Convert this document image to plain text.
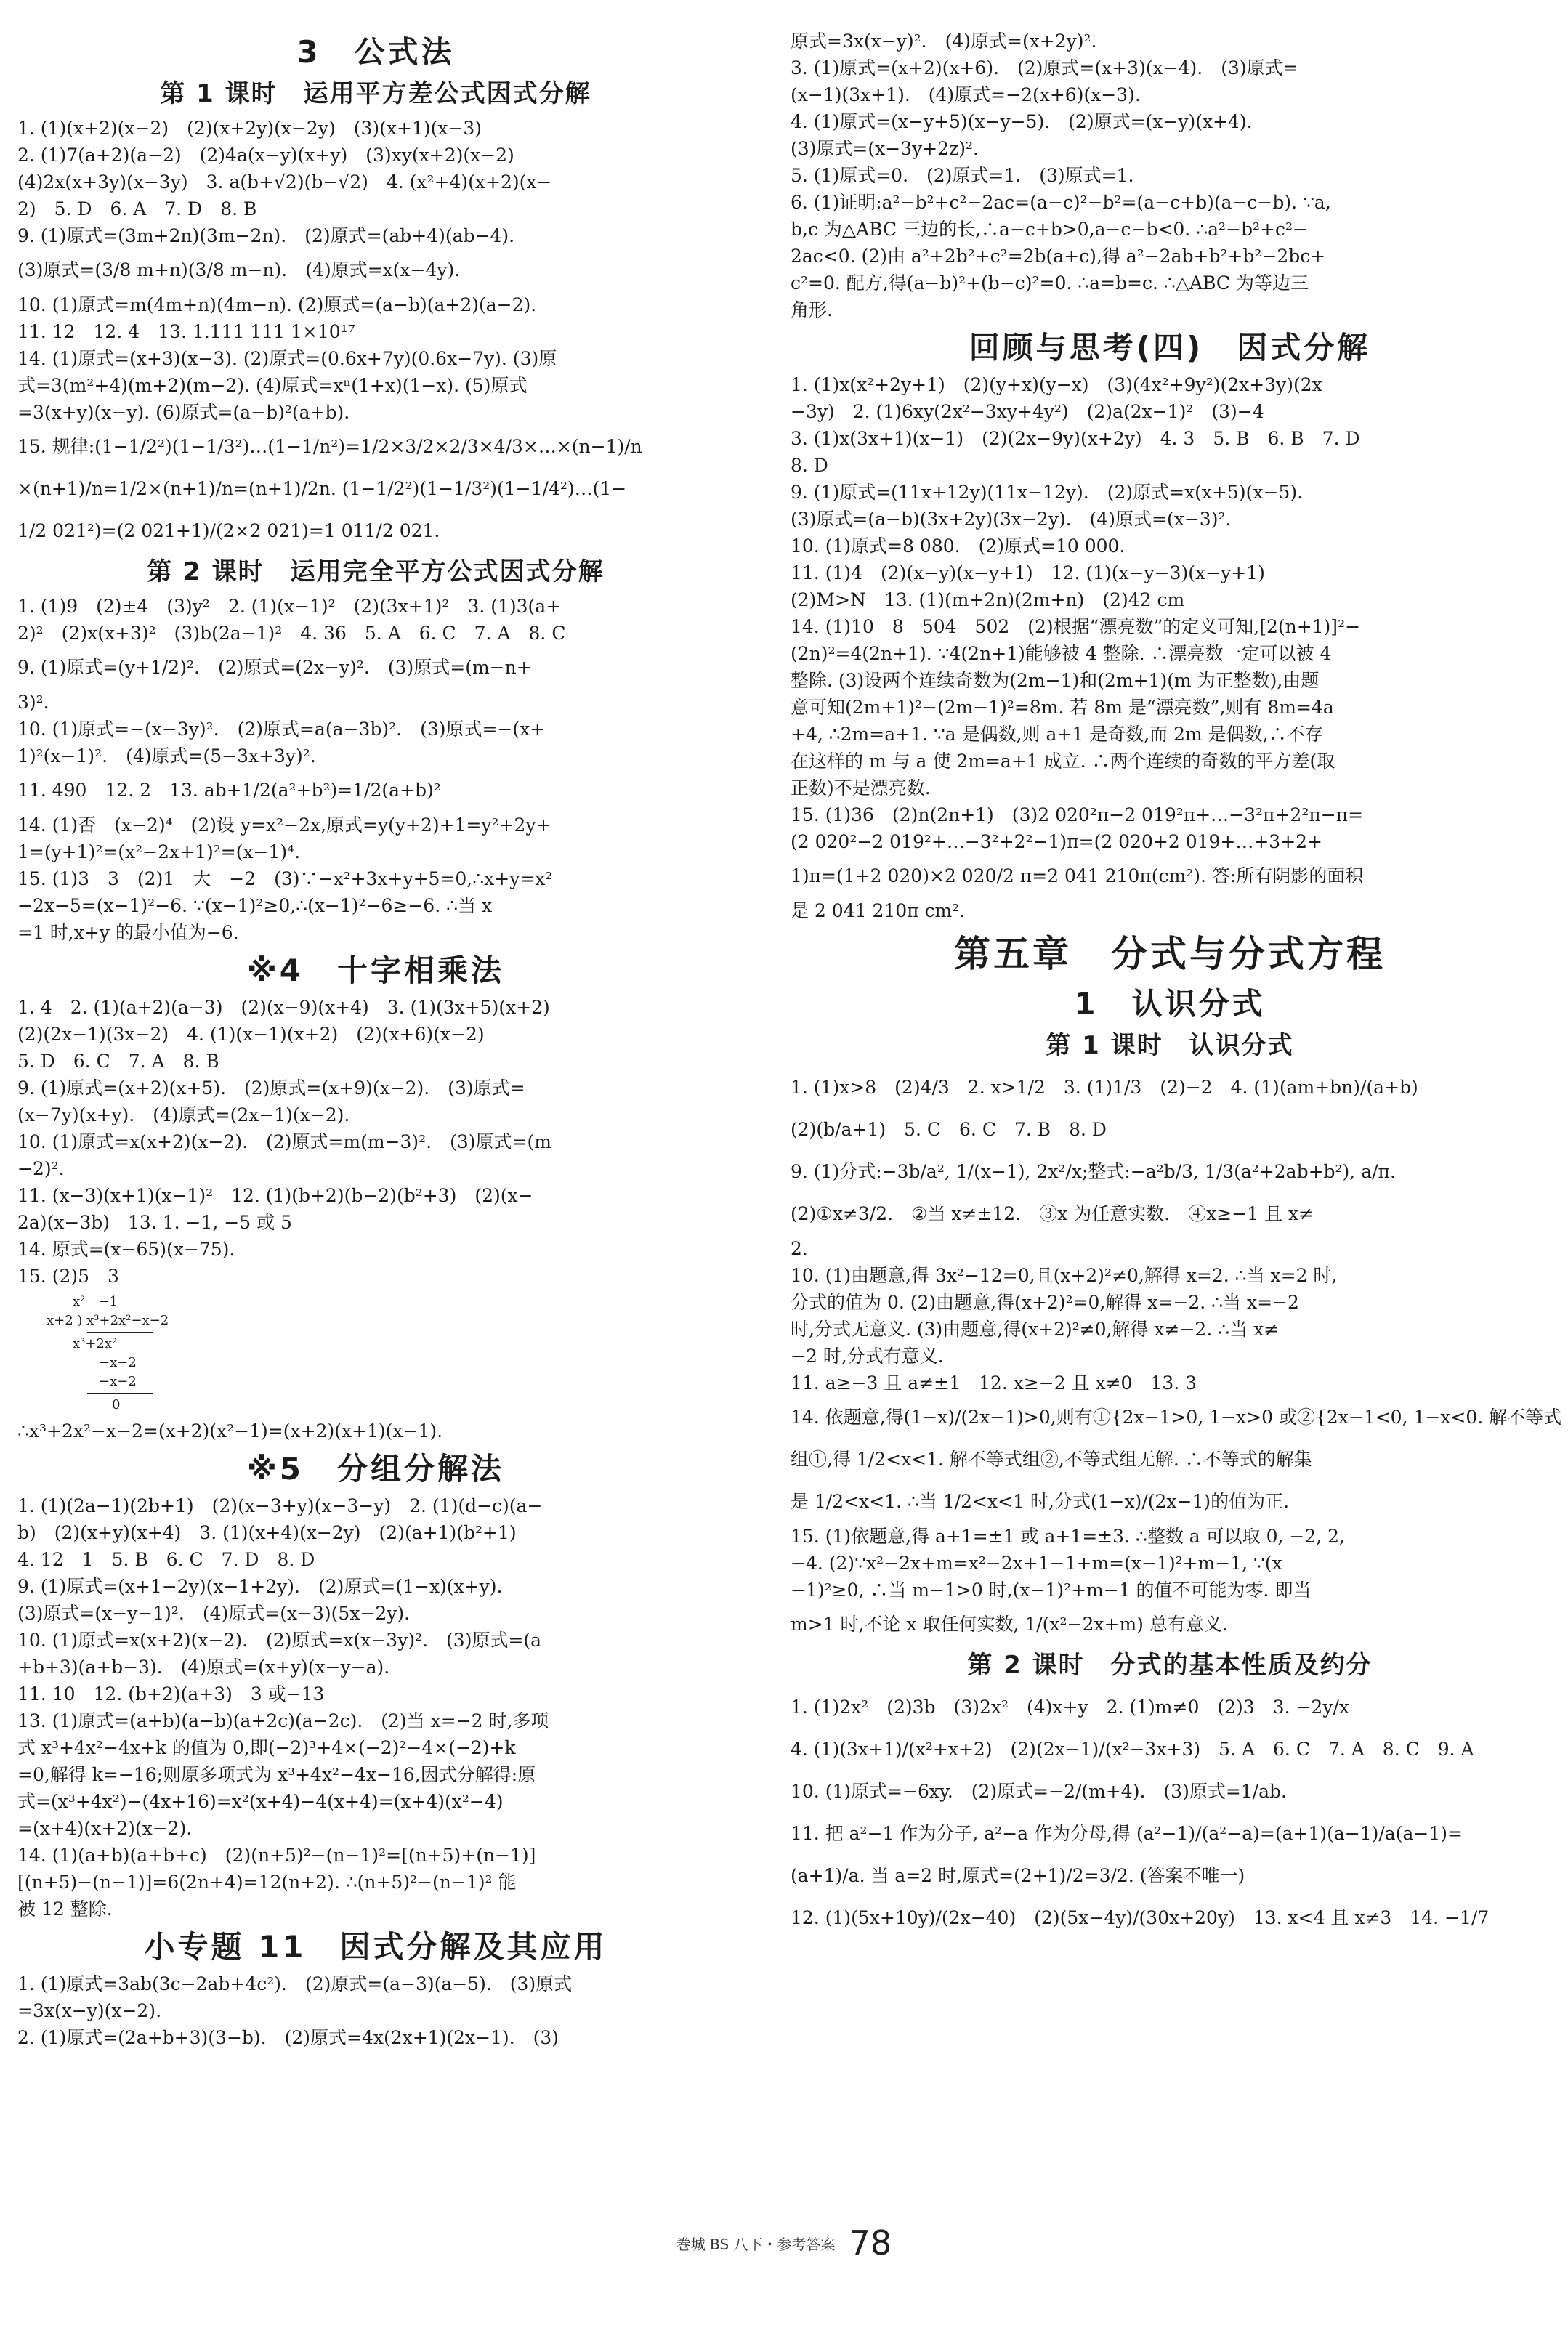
3　公式法
第 1 课时　运用平方差公式因式分解
1. (1)(x+2)(x−2)　(2)(x+2y)(x−2y)　(3)(x+1)(x−3)
2. (1)7(a+2)(a−2)　(2)4a(x−y)(x+y)　(3)xy(x+2)(x−2)
(4)2x(x+3y)(x−3y)　3. a(b+√2)(b−√2)　4. (x²+4)(x+2)(x−
2)　5. D　6. A　7. D　8. B
9. (1)原式=(3m+2n)(3m−2n).　(2)原式=(ab+4)(ab−4).
(3)原式=(3/8 m+n)(3/8 m−n).　(4)原式=x(x−4y).
10. (1)原式=m(4m+n)(4m−n). (2)原式=(a−b)(a+2)(a−2).
11. 12　12. 4　13. 1.111 111 1×10¹⁷
14. (1)原式=(x+3)(x−3). (2)原式=(0.6x+7y)(0.6x−7y). (3)原
式=3(m²+4)(m+2)(m−2). (4)原式=xⁿ(1+x)(1−x). (5)原式
=3(x+y)(x−y). (6)原式=(a−b)²(a+b).
15. 规律:(1−1/2²)(1−1/3²)…(1−1/n²)=1/2×3/2×2/3×4/3×…×(n−1)/n
×(n+1)/n=1/2×(n+1)/n=(n+1)/2n. (1−1/2²)(1−1/3²)(1−1/4²)…(1−
1/2 021²)=(2 021+1)/(2×2 021)=1 011/2 021.
第 2 课时　运用完全平方公式因式分解
1. (1)9　(2)±4　(3)y²　2. (1)(x−1)²　(2)(3x+1)²　3. (1)3(a+
2)²　(2)x(x+3)²　(3)b(2a−1)²　4. 36　5. A　6. C　7. A　8. C
9. (1)原式=(y+1/2)².　(2)原式=(2x−y)².　(3)原式=(m−n+
3)².
10. (1)原式=−(x−3y)².　(2)原式=a(a−3b)².　(3)原式=−(x+
1)²(x−1)².　(4)原式=(5−3x+3y)².
11. 490　12. 2　13. ab+1/2(a²+b²)=1/2(a+b)²
14. (1)否　(x−2)⁴　(2)设 y=x²−2x,原式=y(y+2)+1=y²+2y+
1=(y+1)²=(x²−2x+1)²=(x−1)⁴.
15. (1)3　3　(2)1　大　−2　(3)∵−x²+3x+y+5=0,∴x+y=x²
−2x−5=(x−1)²−6. ∵(x−1)²≥0,∴(x−1)²−6≥−6. ∴当 x
=1 时,x+y 的最小值为−6.
※4　十字相乘法
1. 4　2. (1)(a+2)(a−3)　(2)(x−9)(x+4)　3. (1)(3x+5)(x+2)
(2)(2x−1)(3x−2)　4. (1)(x−1)(x+2)　(2)(x+6)(x−2)
5. D　6. C　7. A　8. B
9. (1)原式=(x+2)(x+5).　(2)原式=(x+9)(x−2).　(3)原式=
(x−7y)(x+y).　(4)原式=(2x−1)(x−2).
10. (1)原式=x(x+2)(x−2).　(2)原式=m(m−3)².　(3)原式=(m
−2)².
11. (x−3)(x+1)(x−1)²　12. (1)(b+2)(b−2)(b²+3)　(2)(x−
2a)(x−3b)　13. 1. −1, −5 或 5
14. 原式=(x−65)(x−75).
15. (2)5　3
　　x²　−1
x+2 ) x³+2x²−x−2
　　x³+2x²
　　　　−x−2
　　　　−x−2
　　　　　0
∴x³+2x²−x−2=(x+2)(x²−1)=(x+2)(x+1)(x−1).
※5　分组分解法
1. (1)(2a−1)(2b+1)　(2)(x−3+y)(x−3−y)　2. (1)(d−c)(a−
b)　(2)(x+y)(x+4)　3. (1)(x+4)(x−2y)　(2)(a+1)(b²+1)
4. 12　1　5. B　6. C　7. D　8. D
9. (1)原式=(x+1−2y)(x−1+2y).　(2)原式=(1−x)(x+y).
(3)原式=(x−y−1)².　(4)原式=(x−3)(5x−2y).
10. (1)原式=x(x+2)(x−2).　(2)原式=x(x−3y)².　(3)原式=(a
+b+3)(a+b−3).　(4)原式=(x+y)(x−y−a).
11. 10　12. (b+2)(a+3)　3 或−13
13. (1)原式=(a+b)(a−b)(a+2c)(a−2c).　(2)当 x=−2 时,多项
式 x³+4x²−4x+k 的值为 0,即(−2)³+4×(−2)²−4×(−2)+k
=0,解得 k=−16;则原多项式为 x³+4x²−4x−16,因式分解得:原
式=(x³+4x²)−(4x+16)=x²(x+4)−4(x+4)=(x+4)(x²−4)
=(x+4)(x+2)(x−2).
14. (1)(a+b)(a+b+c)　(2)(n+5)²−(n−1)²=[(n+5)+(n−1)]
[(n+5)−(n−1)]=6(2n+4)=12(n+2). ∴(n+5)²−(n−1)² 能
被 12 整除.
小专题 11　因式分解及其应用
1. (1)原式=3ab(3c−2ab+4c²).　(2)原式=(a−3)(a−5).　(3)原式
=3x(x−y)(x−2).
2. (1)原式=(2a+b+3)(3−b).　(2)原式=4x(2x+1)(2x−1).　(3)
原式=3x(x−y)².　(4)原式=(x+2y)².
3. (1)原式=(x+2)(x+6).　(2)原式=(x+3)(x−4).　(3)原式=
(x−1)(3x+1).　(4)原式=−2(x+6)(x−3).
4. (1)原式=(x−y+5)(x−y−5).　(2)原式=(x−y)(x+4).
(3)原式=(x−3y+2z)².
5. (1)原式=0.　(2)原式=1.　(3)原式=1.
6. (1)证明:a²−b²+c²−2ac=(a−c)²−b²=(a−c+b)(a−c−b). ∵a,
b,c 为△ABC 三边的长,∴a−c+b>0,a−c−b<0. ∴a²−b²+c²−
2ac<0. (2)由 a²+2b²+c²=2b(a+c),得 a²−2ab+b²+b²−2bc+
c²=0. 配方,得(a−b)²+(b−c)²=0. ∴a=b=c. ∴△ABC 为等边三
角形.
回顾与思考(四)　因式分解
1. (1)x(x²+2y+1)　(2)(y+x)(y−x)　(3)(4x²+9y²)(2x+3y)(2x
−3y)　2. (1)6xy(2x²−3xy+4y²)　(2)a(2x−1)²　(3)−4
3. (1)x(3x+1)(x−1)　(2)(2x−9y)(x+2y)　4. 3　5. B　6. B　7. D
8. D
9. (1)原式=(11x+12y)(11x−12y).　(2)原式=x(x+5)(x−5).
(3)原式=(a−b)(3x+2y)(3x−2y).　(4)原式=(x−3)².
10. (1)原式=8 080.　(2)原式=10 000.
11. (1)4　(2)(x−y)(x−y+1)　12. (1)(x−y−3)(x−y+1)
(2)M>N　13. (1)(m+2n)(2m+n)　(2)42 cm
14. (1)10　8　504　502　(2)根据“漂亮数”的定义可知,[2(n+1)]²−
(2n)²=4(2n+1). ∵4(2n+1)能够被 4 整除. ∴漂亮数一定可以被 4
整除. (3)设两个连续奇数为(2m−1)和(2m+1)(m 为正整数),由题
意可知(2m+1)²−(2m−1)²=8m. 若 8m 是“漂亮数”,则有 8m=4a
+4, ∴2m=a+1. ∵a 是偶数,则 a+1 是奇数,而 2m 是偶数,∴不存
在这样的 m 与 a 使 2m=a+1 成立. ∴两个连续的奇数的平方差(取
正数)不是漂亮数.
15. (1)36　(2)n(2n+1)　(3)2 020²π−2 019²π+…−3²π+2²π−π=
(2 020²−2 019²+…−3²+2²−1)π=(2 020+2 019+…+3+2+
1)π=(1+2 020)×2 020/2 π=2 041 210π(cm²). 答:所有阴影的面积
是 2 041 210π cm².
第五章　分式与分式方程
1　认识分式
第 1 课时　认识分式
1. (1)x>8　(2)4/3　2. x>1/2　3. (1)1/3　(2)−2　4. (1)(am+bn)/(a+b)
(2)(b/a+1)　5. C　6. C　7. B　8. D
9. (1)分式:−3b/a², 1/(x−1), 2x²/x;整式:−a²b/3, 1/3(a²+2ab+b²), a/π.
(2)①x≠3/2.　②当 x≠±12.　③x 为任意实数.　④x≥−1 且 x≠
2.
10. (1)由题意,得 3x²−12=0,且(x+2)²≠0,解得 x=2. ∴当 x=2 时,
分式的值为 0. (2)由题意,得(x+2)²=0,解得 x=−2. ∴当 x=−2
时,分式无意义. (3)由题意,得(x+2)²≠0,解得 x≠−2. ∴当 x≠
−2 时,分式有意义.
11. a≥−3 且 a≠±1　12. x≥−2 且 x≠0　13. 3
14. 依题意,得(1−x)/(2x−1)>0,则有①{2x−1>0, 1−x>0 或②{2x−1<0, 1−x<0. 解不等式
组①,得 1/2<x<1. 解不等式组②,不等式组无解. ∴不等式的解集
是 1/2<x<1. ∴当 1/2<x<1 时,分式(1−x)/(2x−1)的值为正.
15. (1)依题意,得 a+1=±1 或 a+1=±3. ∴整数 a 可以取 0, −2, 2,
−4. (2)∵x²−2x+m=x²−2x+1−1+m=(x−1)²+m−1, ∵(x
−1)²≥0, ∴当 m−1>0 时,(x−1)²+m−1 的值不可能为零. 即当
m>1 时,不论 x 取任何实数, 1/(x²−2x+m) 总有意义.
第 2 课时　分式的基本性质及约分
1. (1)2x²　(2)3b　(3)2x²　(4)x+y　2. (1)m≠0　(2)3　3. −2y/x
4. (1)(3x+1)/(x²+x+2)　(2)(2x−1)/(x²−3x+3)　5. A　6. C　7. A　8. C　9. A
10. (1)原式=−6xy.　(2)原式=−2/(m+4).　(3)原式=1/ab.
11. 把 a²−1 作为分子, a²−a 作为分母,得 (a²−1)/(a²−a)=(a+1)(a−1)/a(a−1)=
(a+1)/a. 当 a=2 时,原式=(2+1)/2=3/2. (答案不唯一)
12. (1)(5x+10y)/(2x−40)　(2)(5x−4y)/(30x+20y)　13. x<4 且 x≠3　14. −1/7
巻城 BS 八下・参考答案 78
